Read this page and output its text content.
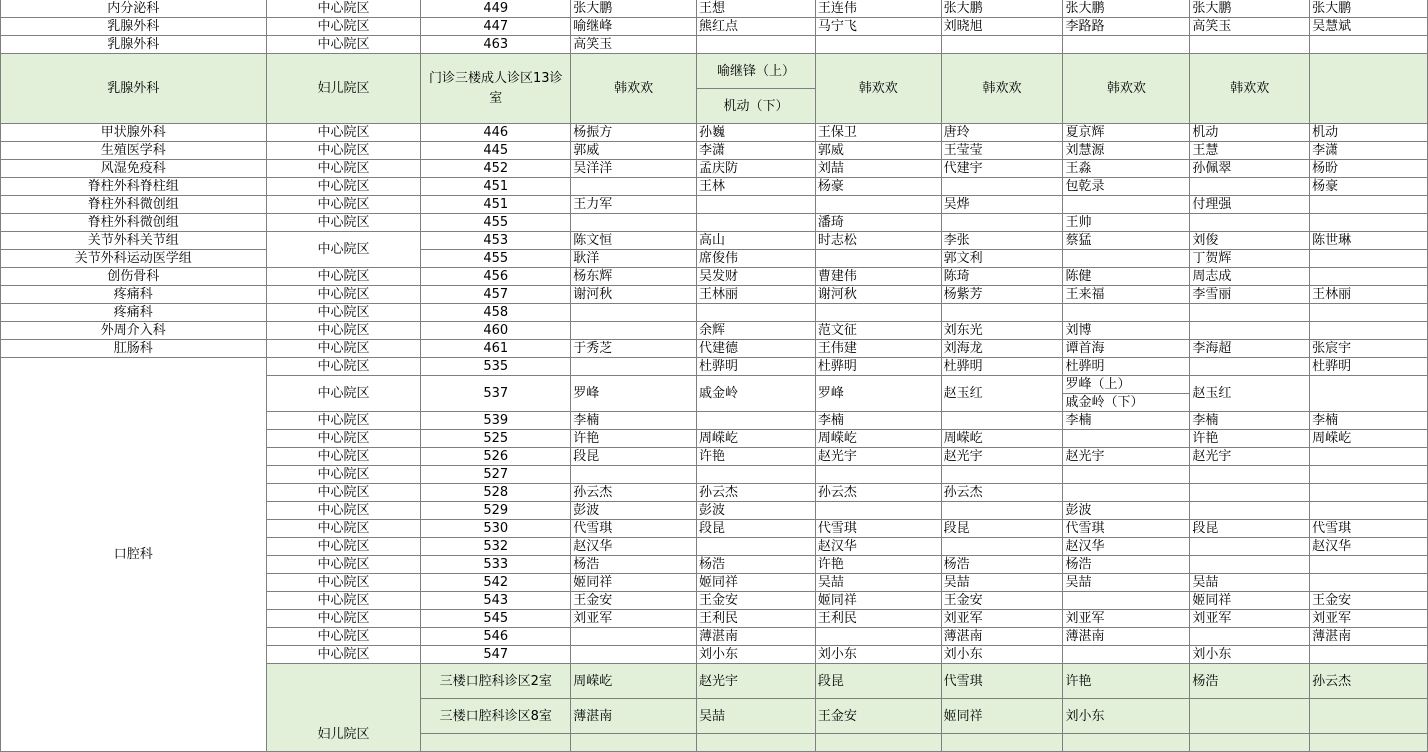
内分泌科	中心院区	449	张大鹏	王想	王连伟	张大鹏	张大鹏	张大鹏	张大鹏
乳腺外科	中心院区	447	喻继峰	熊红点	马宁飞	刘晓旭	李路路	高笑玉	吴慧斌
乳腺外科	中心院区	463	高笑玉						
乳腺外科	妇儿院区	门诊三楼成人诊区13诊室	韩欢欢	喻继锋（上）	韩欢欢	韩欢欢	韩欢欢	韩欢欢	
				机动（下）					
甲状腺外科	中心院区	446	杨振方	孙巍	王保卫	唐玲	夏京辉	机动	机动
生殖医学科	中心院区	445	郭威	李潇	郭威	王莹莹	刘慧源	王慧	李潇
风湿免疫科	中心院区	452	吴洋洋	孟庆防	刘喆	代建宇	王淼	孙佩翠	杨昐
脊柱外科脊柱组	中心院区	451		王林	杨豪		包乾录		杨豪
脊柱外科微创组	中心院区	451	王力军			吴烨		付理强	
脊柱外科微创组	中心院区	455			潘琦		王帅		
关节外科关节组	中心院区	453	陈文恒	高山	时志松	李张	蔡猛	刘俊	陈世琳
关节外科运动医学组		455	耿洋	席俊伟		郭文利		丁贺辉	
创伤骨科	中心院区	456	杨东辉	吴发财	曹建伟	陈琦	陈健	周志成	
疼痛科	中心院区	457	谢河秋	王林丽	谢河秋	杨紫芳	王来福	李雪丽	王林丽
疼痛科	中心院区	458							
外周介入科	中心院区	460		余辉	范文征	刘东光	刘博		
肛肠科	中心院区	461	于秀芝	代建德	王伟建	刘海龙	谭首海	李海超	张宸宇
口腔科	中心院区	535		杜骅明	杜骅明	杜骅明	杜骅明		杜骅明
	中心院区	537	罗峰	戚金岭	罗峰	赵玉红	罗峰（上）	赵玉红	
							戚金岭（下）		
	中心院区	539	李楠		李楠		李楠	李楠	李楠
	中心院区	525	许艳	周嵘屹	周嵘屹	周嵘屹		许艳	周嵘屹
	中心院区	526	段昆	许艳	赵光宇	赵光宇	赵光宇	赵光宇	
	中心院区	527							
	中心院区	528	孙云杰	孙云杰	孙云杰	孙云杰			
	中心院区	529	彭波	彭波			彭波		
	中心院区	530	代雪琪	段昆	代雪琪	段昆	代雪琪	段昆	代雪琪
	中心院区	532	赵汉华		赵汉华		赵汉华		赵汉华
	中心院区	533	杨浩	杨浩	许艳	杨浩	杨浩		
	中心院区	542	姬同祥	姬同祥	吴喆	吴喆	吴喆	吴喆	
	中心院区	543	王金安	王金安	姬同祥	王金安		姬同祥	王金安
	中心院区	545	刘亚军	王利民	王利民	刘亚军	刘亚军	刘亚军	刘亚军
	中心院区	546		薄湛南		薄湛南	薄湛南		薄湛南
	中心院区	547		刘小东	刘小东	刘小东		刘小东	
	妇儿院区	三楼口腔科诊区2室	周嵘屹	赵光宇	段昆	代雪琪	许艳	杨浩	孙云杰
		三楼口腔科诊区8室	薄湛南	吴喆	王金安	姬同祥	刘小东		
